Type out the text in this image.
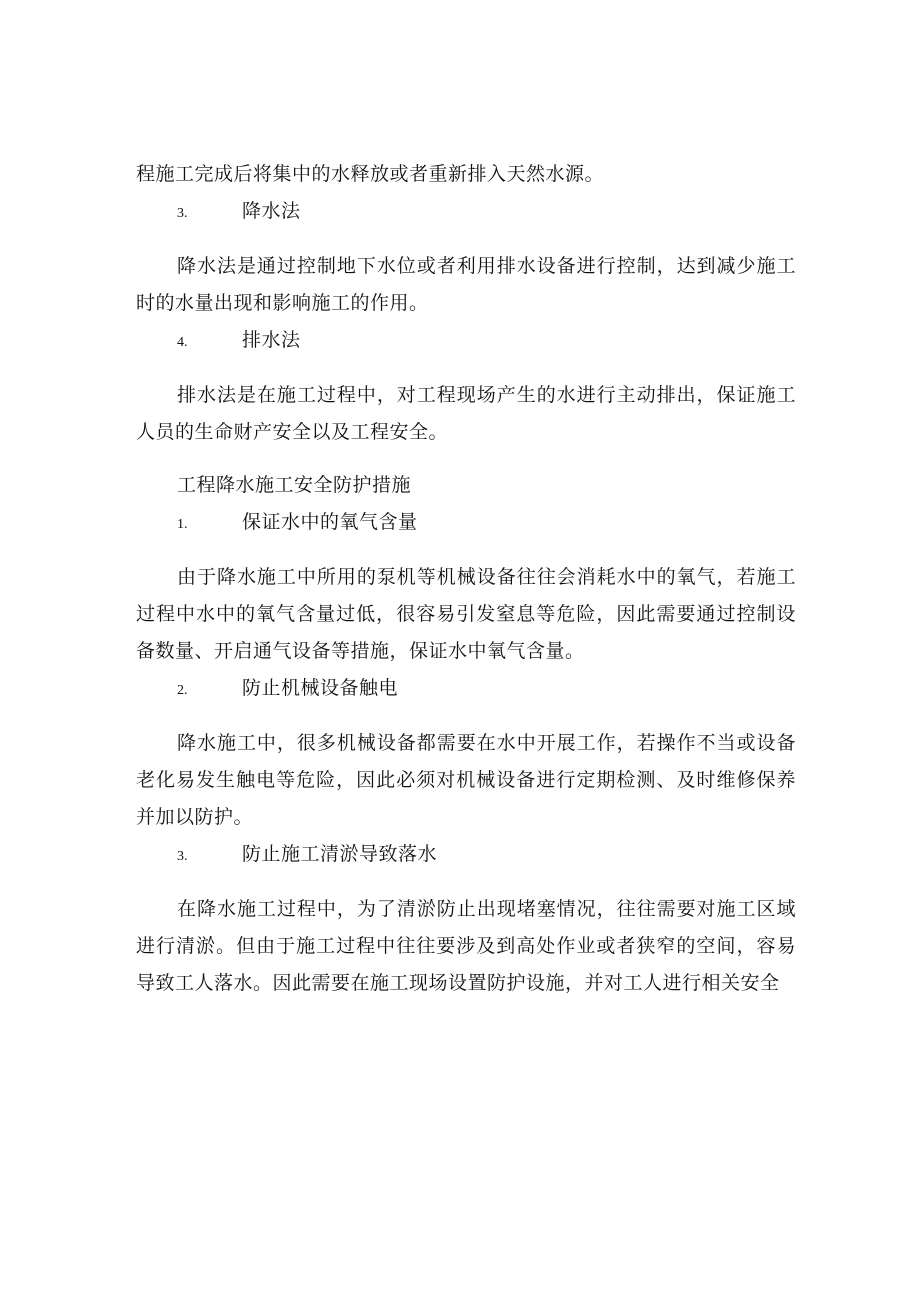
程施工完成后将集中的水释放或者重新排入天然水源。

3.	降水法

降水法是通过控制地下水位或者利用排水设备进行控制，达到减少施工时的水量出现和影响施工的作用。

4.	排水法

排水法是在施工过程中，对工程现场产生的水进行主动排出，保证施工人员的生命财产安全以及工程安全。

工程降水施工安全防护措施

1.	保证水中的氧气含量

由于降水施工中所用的泵机等机械设备往往会消耗水中的氧气，若施工过程中水中的氧气含量过低，很容易引发窒息等危险，因此需要通过控制设备数量、开启通气设备等措施，保证水中氧气含量。

2.	防止机械设备触电

降水施工中，很多机械设备都需要在水中开展工作，若操作不当或设备老化易发生触电等危险，因此必须对机械设备进行定期检测、及时维修保养并加以防护。

3.	防止施工清淤导致落水

在降水施工过程中，为了清淤防止出现堵塞情况，往往需要对施工区域进行清淤。但由于施工过程中往往要涉及到高处作业或者狭窄的空间，容易导致工人落水。因此需要在施工现场设置防护设施，并对工人进行相关安全
